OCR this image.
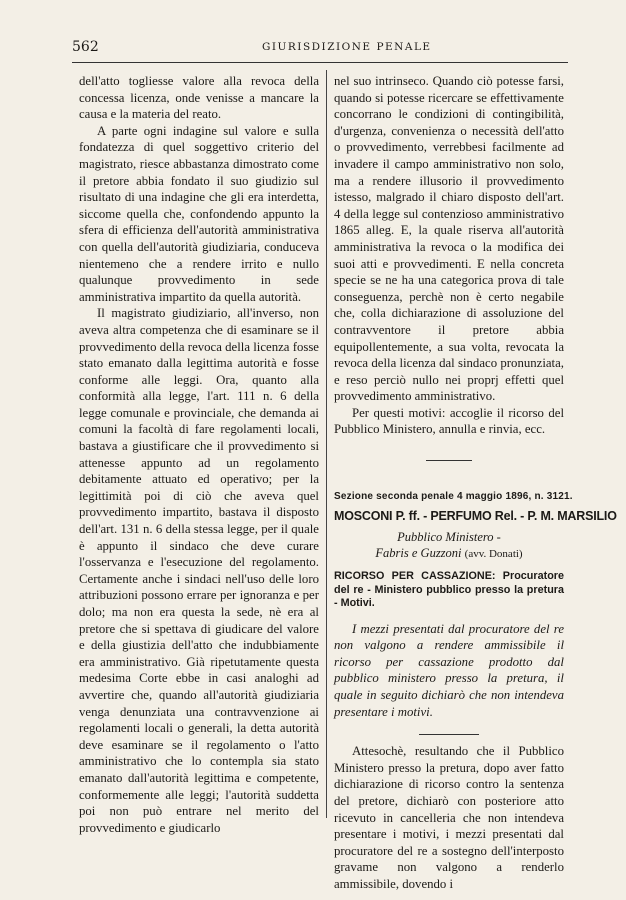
562	GIURISDIZIONE PENALE

dell'atto togliesse valore alla revoca della concessa licenza, onde venisse a mancare la causa e la materia del reato.

A parte ogni indagine sul valore e sulla fondatezza di quel soggettivo criterio del magistrato, riesce abbastanza dimostrato come il pretore abbia fondato il suo giudizio sul risultato di una indagine che gli era interdetta, siccome quella che, confondendo appunto la sfera di efficienza dell'autorità amministrativa con quella dell'autorità giudiziaria, conduceva nientemeno che a rendere irrito e nullo qualunque provvedimento in sede amministrativa impartito da quella autorità.

Il magistrato giudiziario, all'inverso, non aveva altra competenza che di esaminare se il provvedimento della revoca della licenza fosse stato emanato dalla legittima autorità e fosse conforme alle leggi. Ora, quanto alla conformità alla legge, l'art. 111 n. 6 della legge comunale e provinciale, che demanda ai comuni la facoltà di fare regolamenti locali, bastava a giustificare che il provvedimento si attenesse appunto ad un regolamento debitamente attuato ed operativo; per la legittimità poi di ciò che aveva quel provvedimento impartito, bastava il disposto dell'art. 131 n. 6 della stessa legge, per il quale è appunto il sindaco che deve curare l'osservanza e l'esecuzione del regolamento. Certamente anche i sindaci nell'uso delle loro attribuzioni possono errare per ignoranza e per dolo; ma non era questa la sede, nè era al pretore che si spettava di giudicare del valore e della giustizia dell'atto che indubbiamente era amministrativo. Già ripetutamente questa medesima Corte ebbe in casi analoghi ad avvertire che, quando all'autorità giudiziaria venga denunziata una contravvenzione ai regolamenti locali o generali, la detta autorità deve esaminare se il regolamento o l'atto amministrativo che lo contempla sia stato emanato dall'autorità legittima e competente, conformemente alle leggi; l'autorità suddetta poi non può entrare nel merito del provvedimento e giudicarlo

nel suo intrinseco. Quando ciò potesse farsi, quando si potesse ricercare se effettivamente concorrano le condizioni di contingibilità, d'urgenza, convenienza o necessità dell'atto o provvedimento, verrebbesi facilmente ad invadere il campo amministrativo non solo, ma a rendere illusorio il provvedimento istesso, malgrado il chiaro disposto dell'art. 4 della legge sul contenzioso amministrativo 1865 alleg. E, la quale riserva all'autorità amministrativa la revoca o la modifica dei suoi atti e provvedimenti. E nella concreta specie se ne ha una categorica prova di tale conseguenza, perchè non è certo negabile che, colla dichiarazione di assoluzione del contravventore il pretore abbia equipollentemente, a sua volta, revocata la revoca della licenza dal sindaco pronunziata, e reso perciò nullo nei proprj effetti quel provvedimento amministrativo.

Per questi motivi: accoglie il ricorso del Pubblico Ministero, annulla e rinvia, ecc.

Sezione seconda penale 4 maggio 1896, n. 3121.
MOSCONI P. ff. - PERFUMO Rel. - P. M. MARSILIO
Pubblico Ministero -
Fabris e Guzzoni (avv. Donati)

RICORSO PER CASSAZIONE: Procuratore del re - Ministero pubblico presso la pretura - Motivi.

I mezzi presentati dal procuratore del re non valgono a rendere ammissibile il ricorso per cassazione prodotto dal pubblico ministero presso la pretura, il quale in seguito dichiarò che non intendeva presentare i motivi.

Attesochè, resultando che il Pubblico Ministero presso la pretura, dopo aver fatto dichiarazione di ricorso contro la sentenza del pretore, dichiarò con posteriore atto ricevuto in cancelleria che non intendeva presentare i motivi, i mezzi presentati dal procuratore del re a sostegno dell'interposto gravame non valgono a renderlo ammissibile, dovendo i
